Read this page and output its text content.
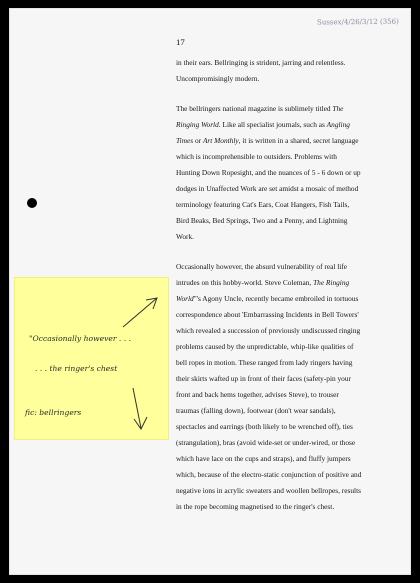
Sussex/4/26/3/12 (356)
17
in their ears. Bellringing is strident, jarring and relentless.
Uncompromisingly modern.
The bellringers national magazine is sublimely titled The
Ringing World. Like all specialist journals, such as Angling
Times or Art Monthly, it is written in a shared, secret language
which is incomprehensible to outsiders. Problems with
Hunting Down Ropesight, and the nuances of 5 - 6 down or up
dodges in Unaffected Work are set amidst a mosaic of method
terminology featuring Cat's Ears, Coat Hangers, Fish Tails,
Bird Beaks, Bed Springs, Two and a Penny, and Lightning
Work.
Occasionally however, the absurd vulnerability of real life
intrudes on this hobby-world. Steve Coleman, The Ringing
World"'s Agony Uncle, recently became embroiled in tortuous
correspondence about 'Embarrassing Incidents in Bell Towers'
which revealed a succession of previously undiscussed ringing
problems caused by the unpredictable, whip-like qualities of
bell ropes in motion. These ranged from lady ringers having
their skirts wafted up in front of their faces (safety-pin your
front and back hems together, advises Steve), to trouser
traumas (falling down), footwear (don't wear sandals),
spectacles and earrings (both likely to be wrenched off), ties
(strangulation), bras (avoid wide-set or under-wired, or those
which have lace on the cups and straps), and fluffy jumpers
which, because of the electro-static conjunction of positive and
negative ions in acrylic sweaters and woollen bellropes, results
in the rope becoming magnetised to the ringer's chest.
"Occasionally however . . .
. . . the ringer's chest
fic: bellringers
